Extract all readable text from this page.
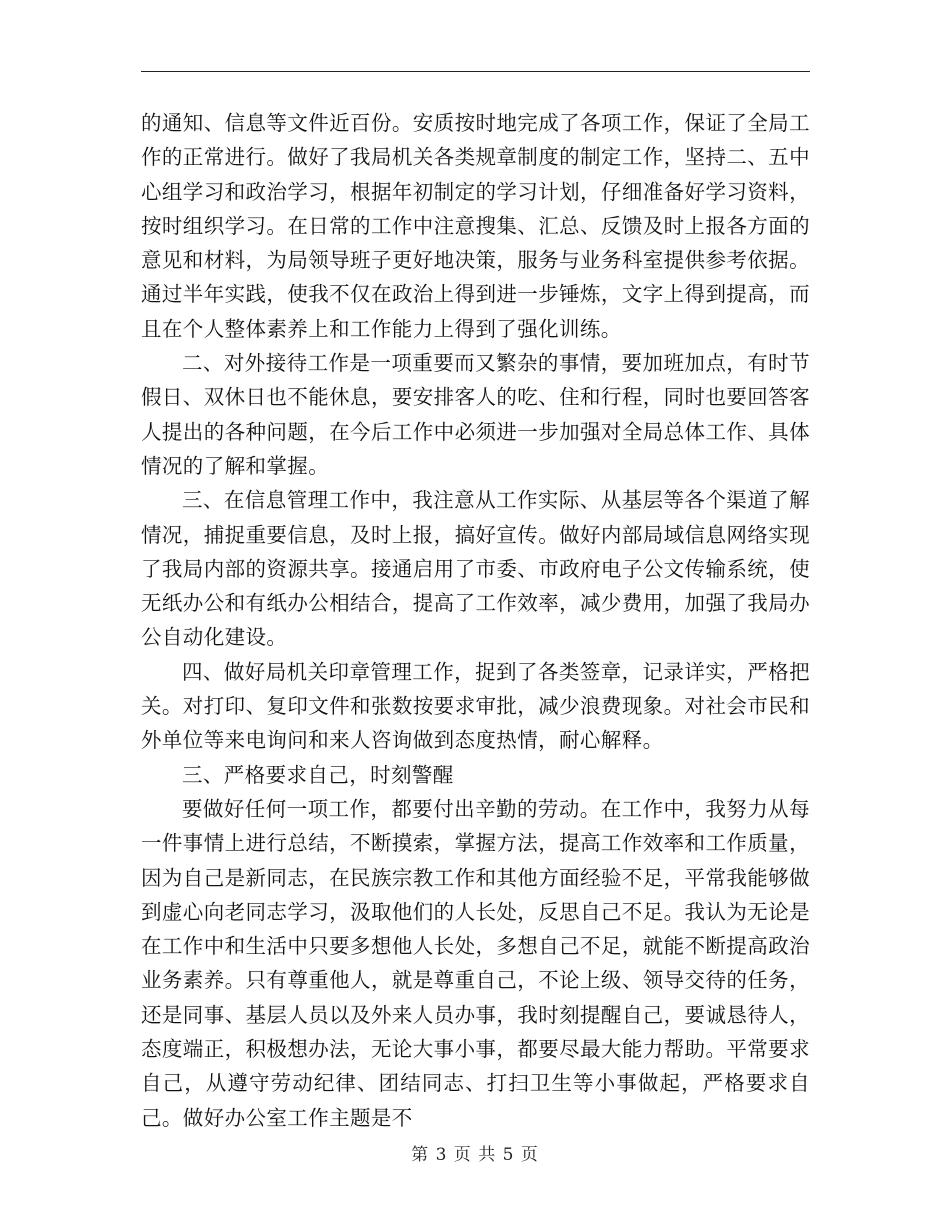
的通知、信息等文件近百份。安质按时地完成了各项工作，保证了全局工作的正常进行。做好了我局机关各类规章制度的制定工作，坚持二、五中心组学习和政治学习，根据年初制定的学习计划，仔细准备好学习资料，按时组织学习。在日常的工作中注意搜集、汇总、反馈及时上报各方面的意见和材料，为局领导班子更好地决策，服务与业务科室提供参考依据。通过半年实践，使我不仅在政治上得到进一步锤炼，文字上得到提高，而且在个人整体素养上和工作能力上得到了强化训练。

二、对外接待工作是一项重要而又繁杂的事情，要加班加点，有时节假日、双休日也不能休息，要安排客人的吃、住和行程，同时也要回答客人提出的各种问题，在今后工作中必须进一步加强对全局总体工作、具体情况的了解和掌握。

三、在信息管理工作中，我注意从工作实际、从基层等各个渠道了解情况，捕捉重要信息，及时上报，搞好宣传。做好内部局域信息网络实现了我局内部的资源共享。接通启用了市委、市政府电子公文传输系统，使无纸办公和有纸办公相结合，提高了工作效率，减少费用，加强了我局办公自动化建设。

四、做好局机关印章管理工作，捉到了各类签章，记录详实，严格把关。对打印、复印文件和张数按要求审批，减少浪费现象。对社会市民和外单位等来电询问和来人咨询做到态度热情，耐心解释。

三、严格要求自己，时刻警醒

要做好任何一项工作，都要付出辛勤的劳动。在工作中，我努力从每一件事情上进行总结，不断摸索，掌握方法，提高工作效率和工作质量，因为自己是新同志，在民族宗教工作和其他方面经验不足，平常我能够做到虚心向老同志学习，汲取他们的人长处，反思自己不足。我认为无论是在工作中和生活中只要多想他人长处，多想自己不足，就能不断提高政治业务素养。只有尊重他人，就是尊重自己，不论上级、领导交待的任务，还是同事、基层人员以及外来人员办事，我时刻提醒自己，要诚恳待人，态度端正，积极想办法，无论大事小事，都要尽最大能力帮助。平常要求自己，从遵守劳动纪律、团结同志、打扫卫生等小事做起，严格要求自己。做好办公室工作主题是不

第 3 页 共 5 页
